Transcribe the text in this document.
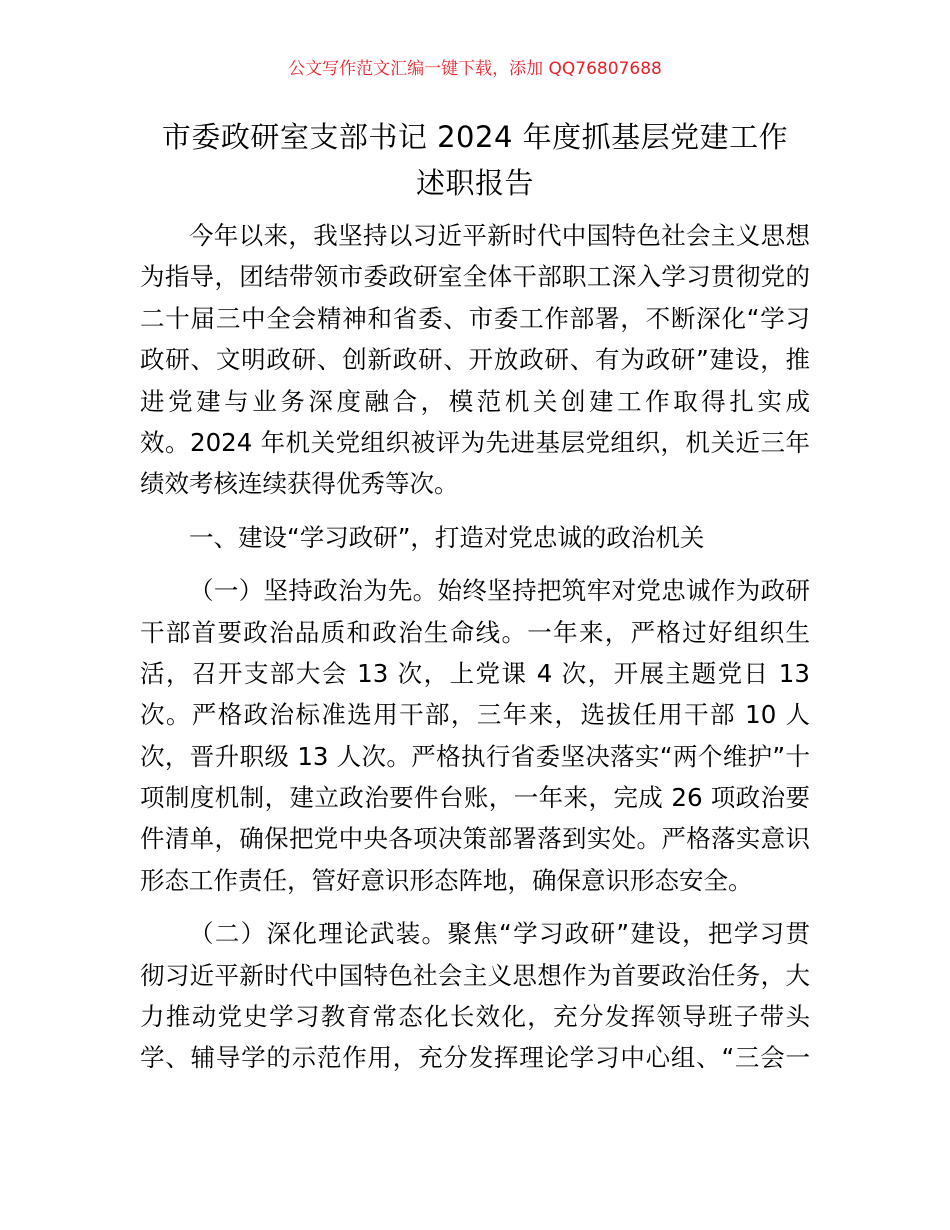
公文写作范文汇编一键下载，添加 QQ76807688
市委政研室支部书记 2024 年度抓基层党建工作
述职报告
今年以来，我坚持以习近平新时代中国特色社会主义思想
为指导，团结带领市委政研室全体干部职工深入学习贯彻党的
二十届三中全会精神和省委、市委工作部署，不断深化“学习
政研、文明政研、创新政研、开放政研、有为政研”建设，推
进党建与业务深度融合，模范机关创建工作取得扎实成
效。2024 年机关党组织被评为先进基层党组织，机关近三年
绩效考核连续获得优秀等次。
一、建设“学习政研”，打造对党忠诚的政治机关
（一）坚持政治为先。始终坚持把筑牢对党忠诚作为政研
干部首要政治品质和政治生命线。一年来，严格过好组织生
活，召开支部大会 13 次，上党课 4 次，开展主题党日 13
次。严格政治标准选用干部，三年来，选拔任用干部 10 人
次，晋升职级 13 人次。严格执行省委坚决落实“两个维护”十
项制度机制，建立政治要件台账，一年来，完成 26 项政治要
件清单，确保把党中央各项决策部署落到实处。严格落实意识
形态工作责任，管好意识形态阵地，确保意识形态安全。
（二）深化理论武装。聚焦“学习政研”建设，把学习贯
彻习近平新时代中国特色社会主义思想作为首要政治任务，大
力推动党史学习教育常态化长效化，充分发挥领导班子带头
学、辅导学的示范作用，充分发挥理论学习中心组、“三会一
